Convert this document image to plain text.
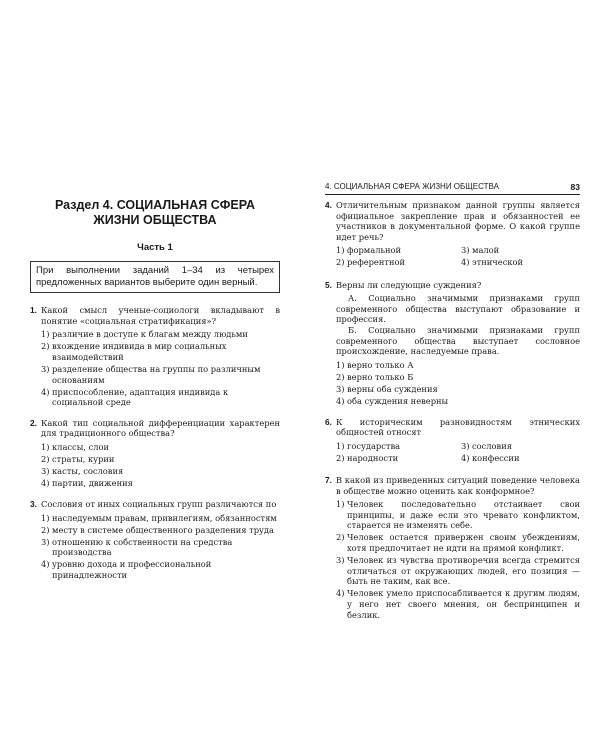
Раздел 4. СОЦИАЛЬНАЯ СФЕРА
ЖИЗНИ ОБЩЕСТВА
Часть 1
При выполнении заданий 1–34 из четырех предложенных вариантов выберите один верный.
1. Какой смысл ученые-социологи вкладывают в понятие «социальная стратификация»?
1) различие в доступе к благам между людьми
2) вхождение индивида в мир социальных взаимодействий
3) разделение общества на группы по различным основаниям
4) приспособление, адаптация индивида к социальной среде
2. Какой тип социальной дифференциации характерен для традиционного общества?
1) классы, слои
2) страты, курии
3) касты, сословия
4) партии, движения
3. Сословия от иных социальных групп различаются по
1) наследуемым правам, привилегиям, обязанностям
2) месту в системе общественного разделения труда
3) отношению к собственности на средства производства
4) уровню дохода и профессиональной принадлежности
4. СОЦИАЛЬНАЯ СФЕРА ЖИЗНИ ОБЩЕСТВА	83
4. Отличительным признаком данной группы является официальное закрепление прав и обязанностей ее участников в документальной форме. О какой группе идет речь?
1) формальной	3) малой
2) референтной	4) этнической
5. Верны ли следующие суждения?
А. Социально значимыми признаками групп современного общества выступают образование и профессия.
Б. Социально значимыми признаками групп современного общества выступает сословное происхождение, наследуемые права.
1) верно только А
2) верно только Б
3) верны оба суждения
4) оба суждения неверны
6. К историческим разновидностям этнических общностей относят
1) государства	3) сословия
2) народности	4) конфессии
7. В какой из приведенных ситуаций поведение человека в обществе можно оценить как конформное?
1) Человек последовательно отстаивает свои принципы, и даже если это чревато конфликтом, старается не изменять себе.
2) Человек остается привержен своим убеждениям, хотя предпочитает не идти на прямой конфликт.
3) Человек из чувства противоречия всегда стремится отличаться от окружающих людей, его позиция — быть не таким, как все.
4) Человек умело приспосабливается к другим людям, у него нет своего мнения, он беспринципен и безлик.
